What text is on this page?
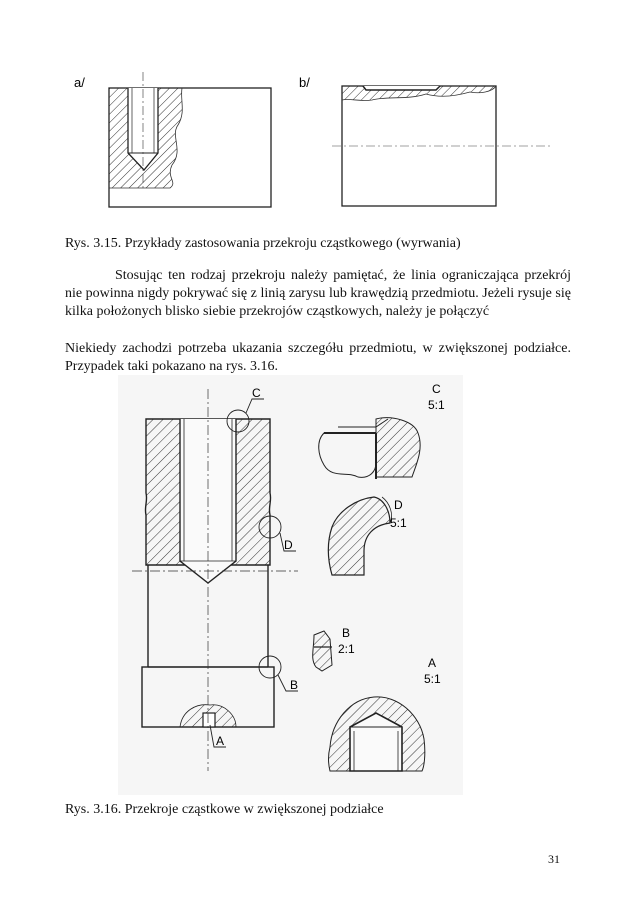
a/	b/
Rys. 3.15. Przykłady zastosowania przekroju cząstkowego (wyrwania)
Stosując ten rodzaj przekroju należy pamiętać, że linia ograniczająca przekrój nie powinna nigdy pokrywać się z linią zarysu lub krawędzią przedmiotu. Jeżeli rysuje się kilka położonych blisko siebie przekrojów cząstkowych, należy je połączyć
Niekiedy zachodzi potrzeba ukazania szczegółu przedmiotu, w zwiększonej podziałce. Przypadek taki pokazano na rys. 3.16.
C
D
B
A
C
5:1
D
5:1
B
2:1
A
5:1
Rys. 3.16. Przekroje cząstkowe w zwiększonej podziałce
31
